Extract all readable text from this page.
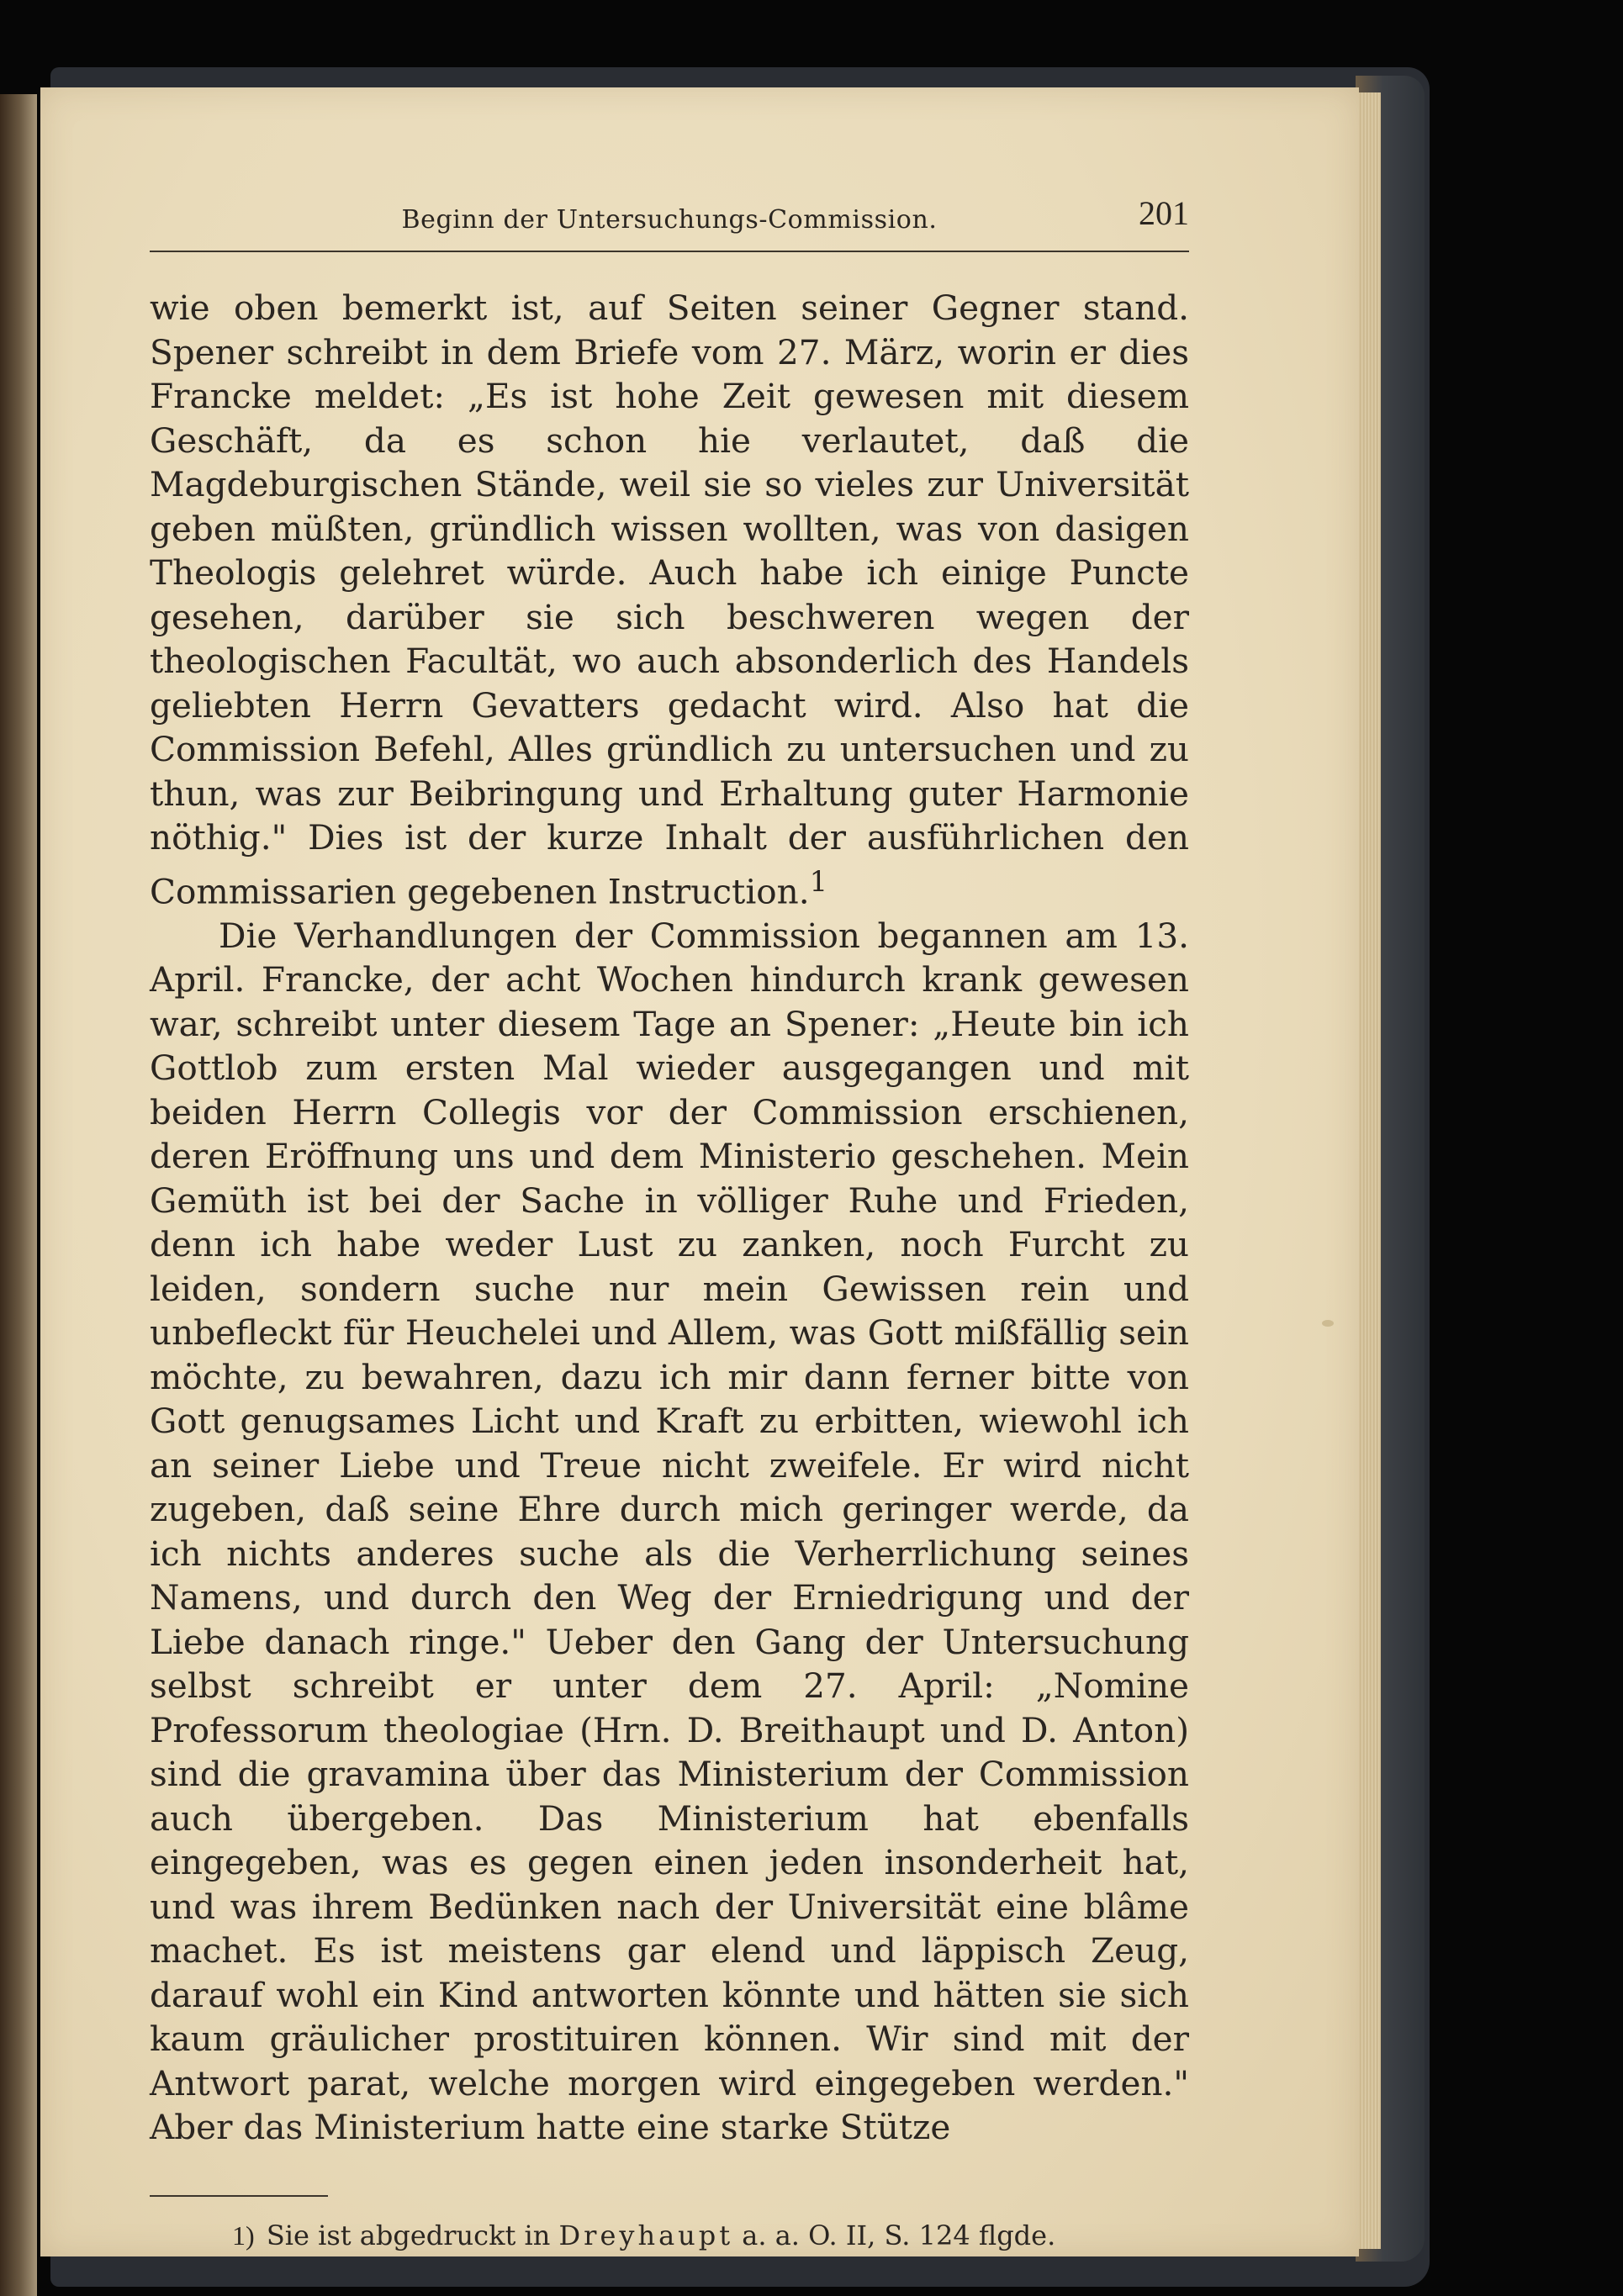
Beginn der Untersuchungs-Commission.	201

wie oben bemerkt ist, auf Seiten seiner Gegner stand. Spener schreibt in dem Briefe vom 27. März, worin er dies Francke meldet: „Es ist hohe Zeit gewesen mit diesem Geschäft, da es schon hie verlautet, daß die Magdeburgischen Stände, weil sie so vieles zur Universität geben müßten, gründlich wissen wollten, was von dasigen Theologis gelehret würde. Auch habe ich einige Puncte gesehen, darüber sie sich beschweren wegen der theologischen Facultät, wo auch absonderlich des Handels geliebten Herrn Gevatters gedacht wird. Also hat die Commission Befehl, Alles gründlich zu untersuchen und zu thun, was zur Beibringung und Erhaltung guter Harmonie nöthig." Dies ist der kurze Inhalt der ausführlichen den Commissarien gegebenen Instruction.$^1$

Die Verhandlungen der Commission begannen am 13. April. Francke, der acht Wochen hindurch krank gewesen war, schreibt unter diesem Tage an Spener: „Heute bin ich Gottlob zum ersten Mal wieder ausgegangen und mit beiden Herrn Collegis vor der Commission erschienen, deren Eröffnung uns und dem Ministerio geschehen. Mein Gemüth ist bei der Sache in völliger Ruhe und Frieden, denn ich habe weder Lust zu zanken, noch Furcht zu leiden, sondern suche nur mein Gewissen rein und unbefleckt für Heuchelei und Allem, was Gott mißfällig sein möchte, zu bewahren, dazu ich mir dann ferner bitte von Gott genugsames Licht und Kraft zu erbitten, wiewohl ich an seiner Liebe und Treue nicht zweifele. Er wird nicht zugeben, daß seine Ehre durch mich geringer werde, da ich nichts anderes suche als die Verherrlichung seines Namens, und durch den Weg der Erniedrigung und der Liebe danach ringe." Ueber den Gang der Untersuchung selbst schreibt er unter dem 27. April: „Nomine Professorum theologiae (Hrn. D. Breithaupt und D. Anton) sind die gravamina über das Ministerium der Commission auch übergeben. Das Ministerium hat ebenfalls eingegeben, was es gegen einen jeden insonderheit hat, und was ihrem Bedünken nach der Universität eine blâme machet. Es ist meistens gar elend und läppisch Zeug, darauf wohl ein Kind antworten könnte und hätten sie sich kaum gräulicher prostituiren können. Wir sind mit der Antwort parat, welche morgen wird eingegeben werden." Aber das Ministerium hatte eine starke Stütze

1) Sie ist abgedruckt in Dreyhaupt a. a. O. II, S. 124 flgde.
